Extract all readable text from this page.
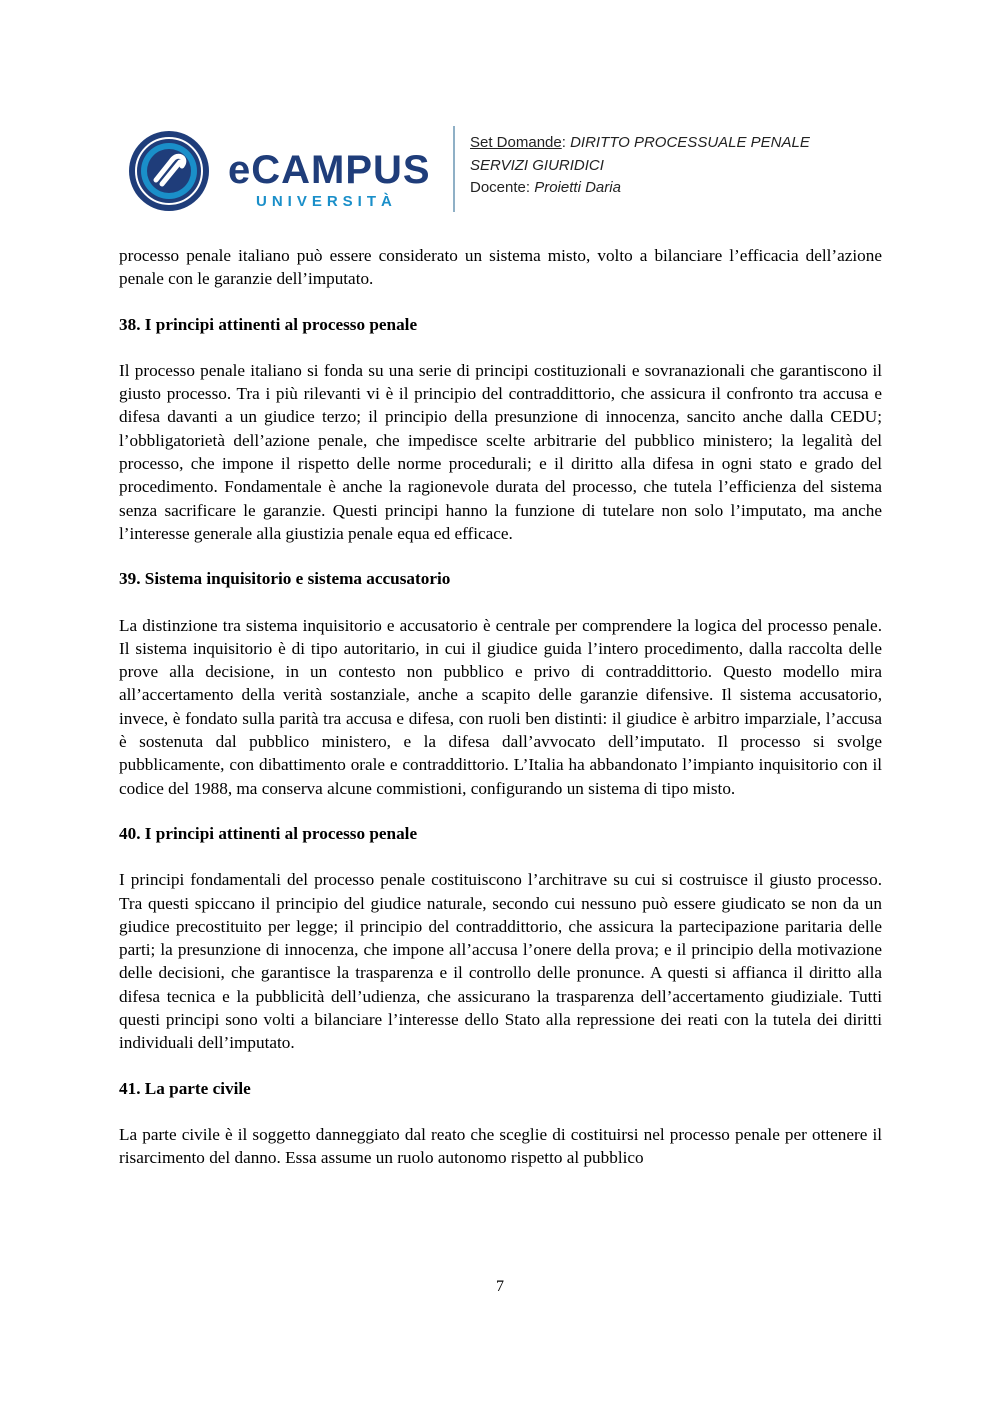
eCAMPUS
UNIVERSITÀ
Set Domande: DIRITTO PROCESSUALE PENALE
SERVIZI GIURIDICI
Docente: Proietti Daria

processo penale italiano può essere considerato un sistema misto, volto a bilanciare l’efficacia dell’azione penale con le garanzie dell’imputato.

38. I principi attinenti al processo penale

Il processo penale italiano si fonda su una serie di principi costituzionali e sovranazionali che garantiscono il giusto processo. Tra i più rilevanti vi è il principio del contraddittorio, che assicura il confronto tra accusa e difesa davanti a un giudice terzo; il principio della presunzione di innocenza, sancito anche dalla CEDU; l’obbligatorietà dell’azione penale, che impedisce scelte arbitrarie del pubblico ministero; la legalità del processo, che impone il rispetto delle norme procedurali; e il diritto alla difesa in ogni stato e grado del procedimento. Fondamentale è anche la ragionevole durata del processo, che tutela l’efficienza del sistema senza sacrificare le garanzie. Questi principi hanno la funzione di tutelare non solo l’imputato, ma anche l’interesse generale alla giustizia penale equa ed efficace.

39. Sistema inquisitorio e sistema accusatorio

La distinzione tra sistema inquisitorio e accusatorio è centrale per comprendere la logica del processo penale. Il sistema inquisitorio è di tipo autoritario, in cui il giudice guida l’intero procedimento, dalla raccolta delle prove alla decisione, in un contesto non pubblico e privo di contraddittorio. Questo modello mira all’accertamento della verità sostanziale, anche a scapito delle garanzie difensive. Il sistema accusatorio, invece, è fondato sulla parità tra accusa e difesa, con ruoli ben distinti: il giudice è arbitro imparziale, l’accusa è sostenuta dal pubblico ministero, e la difesa dall’avvocato dell’imputato. Il processo si svolge pubblicamente, con dibattimento orale e contraddittorio. L’Italia ha abbandonato l’impianto inquisitorio con il codice del 1988, ma conserva alcune commistioni, configurando un sistema di tipo misto.

40. I principi attinenti al processo penale

I principi fondamentali del processo penale costituiscono l’architrave su cui si costruisce il giusto processo. Tra questi spiccano il principio del giudice naturale, secondo cui nessuno può essere giudicato se non da un giudice precostituito per legge; il principio del contraddittorio, che assicura la partecipazione paritaria delle parti; la presunzione di innocenza, che impone all’accusa l’onere della prova; e il principio della motivazione delle decisioni, che garantisce la trasparenza e il controllo delle pronunce. A questi si affianca il diritto alla difesa tecnica e la pubblicità dell’udienza, che assicurano la trasparenza dell’accertamento giudiziale. Tutti questi principi sono volti a bilanciare l’interesse dello Stato alla repressione dei reati con la tutela dei diritti individuali dell’imputato.

41. La parte civile

La parte civile è il soggetto danneggiato dal reato che sceglie di costituirsi nel processo penale per ottenere il risarcimento del danno. Essa assume un ruolo autonomo rispetto al pubblico

7
